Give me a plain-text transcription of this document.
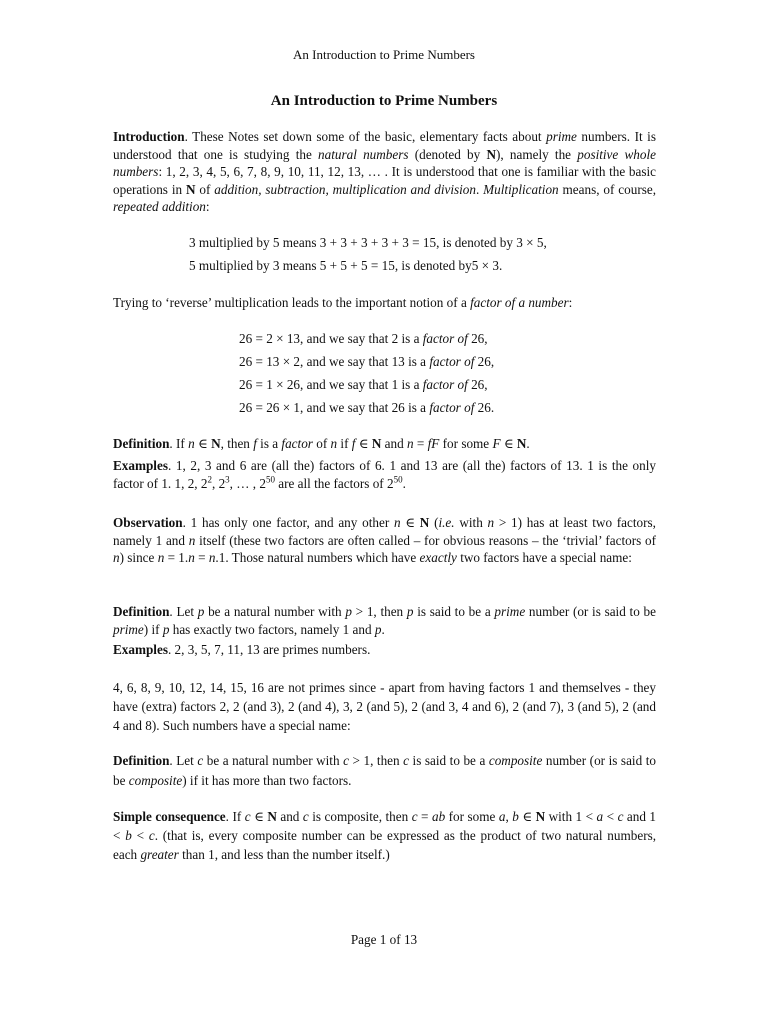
An Introduction to Prime Numbers
An Introduction to Prime Numbers
Introduction. These Notes set down some of the basic, elementary facts about prime numbers. It is understood that one is studying the natural numbers (denoted by N), namely the positive whole numbers: 1, 2, 3, 4, 5, 6, 7, 8, 9, 10, 11, 12, 13, … . It is understood that one is familiar with the basic operations in N of addition, subtraction, multiplication and division. Multiplication means, of course, repeated addition:
3 multiplied by 5 means 3 + 3 + 3 + 3 + 3 = 15, is denoted by 3 × 5,
5 multiplied by 3 means 5 + 5 + 5 = 15, is denoted by5 × 3.
Trying to ‘reverse’ multiplication leads to the important notion of a factor of a number:
26 = 2 × 13, and we say that 2 is a factor of 26,
26 = 13 × 2, and we say that 13 is a factor of 26,
26 = 1 × 26, and we say that 1 is a factor of 26,
26 = 26 × 1, and we say that 26 is a factor of 26.
Definition. If n ∈ N, then f is a factor of n if f ∈ N and n = fF for some F ∈ N.
Examples. 1, 2, 3 and 6 are (all the) factors of 6. 1 and 13 are (all the) factors of 13. 1 is the only factor of 1. 1, 2, $2^2$, $2^3$, … , $2^{50}$ are all the factors of $2^{50}$.
Observation. 1 has only one factor, and any other n ∈ N (i.e. with n > 1) has at least two factors, namely 1 and n itself (these two factors are often called – for obvious reasons – the ‘trivial’ factors of n) since n = 1.n = n.1. Those natural numbers which have exactly two factors have a special name:
Definition. Let p be a natural number with p > 1, then p is said to be a prime number (or is said to be prime) if p has exactly two factors, namely 1 and p.
Examples. 2, 3, 5, 7, 11, 13 are primes numbers.
4, 6, 8, 9, 10, 12, 14, 15, 16 are not primes since - apart from having factors 1 and themselves - they have (extra) factors 2, 2 (and 3), 2 (and 4), 3, 2 (and 5), 2 (and 3, 4 and 6), 2 (and 7), 3 (and 5), 2 (and 4 and 8). Such numbers have a special name:
Definition. Let c be a natural number with c > 1, then c is said to be a composite number (or is said to be composite) if it has more than two factors.
Simple consequence. If c ∈ N and c is composite, then c = ab for some a, b ∈ N with 1 < a < c and 1 < b < c. (that is, every composite number can be expressed as the product of two natural numbers, each greater than 1, and less than the number itself.)
Page 1 of 13
